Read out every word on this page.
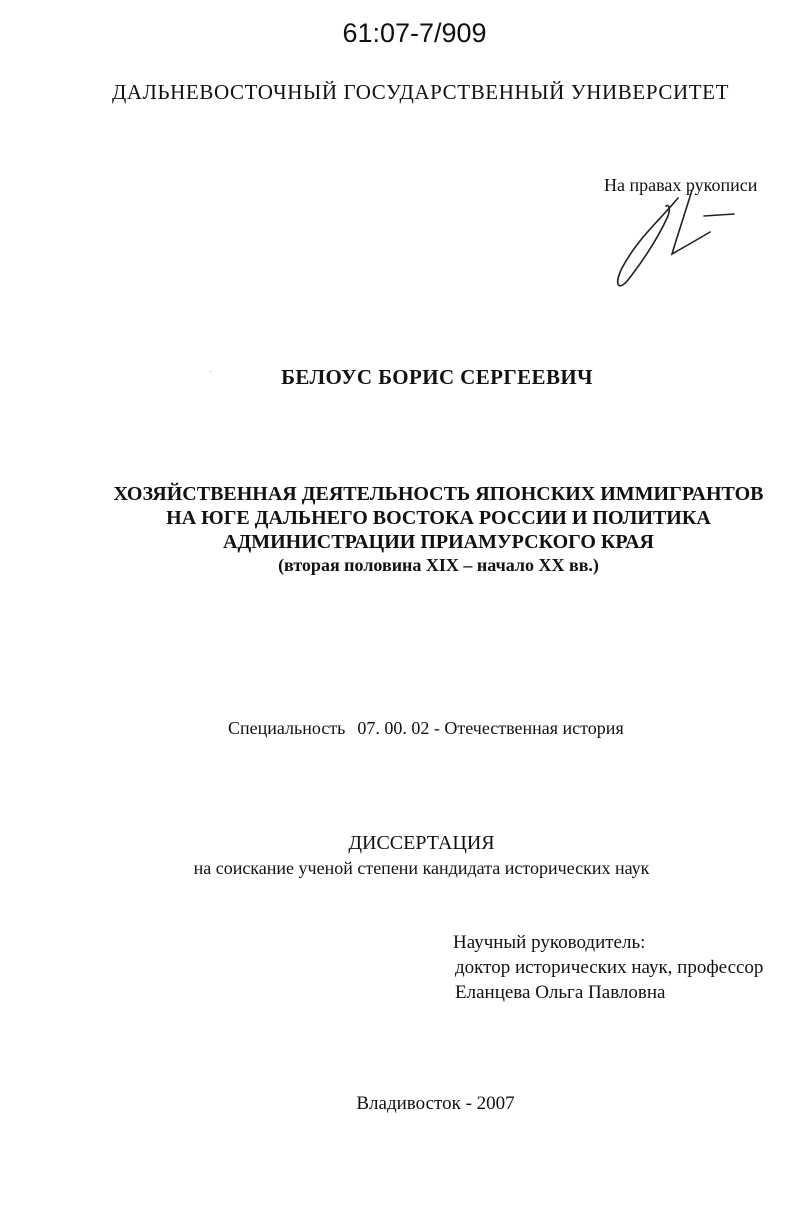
61:07-7/909
ДАЛЬНЕВОСТОЧНЫЙ ГОСУДАРСТВЕННЫЙ УНИВЕРСИТЕТ
На правах рукописи
БЕЛОУС БОРИС СЕРГЕЕВИЧ
ХОЗЯЙСТВЕННАЯ ДЕЯТЕЛЬНОСТЬ ЯПОНСКИХ ИММИГРАНТОВ
НА ЮГЕ ДАЛЬНЕГО ВОСТОКА РОССИИ И ПОЛИТИКА
АДМИНИСТРАЦИИ ПРИАМУРСКОГО КРАЯ
(вторая половина XIX – начало XX вв.)
Специальность 07. 00. 02 - Отечественная история
ДИССЕРТАЦИЯ
на соискание ученой степени кандидата исторических наук
Научный руководитель:
доктор исторических наук, профессор
Еланцева Ольга Павловна
Владивосток - 2007
